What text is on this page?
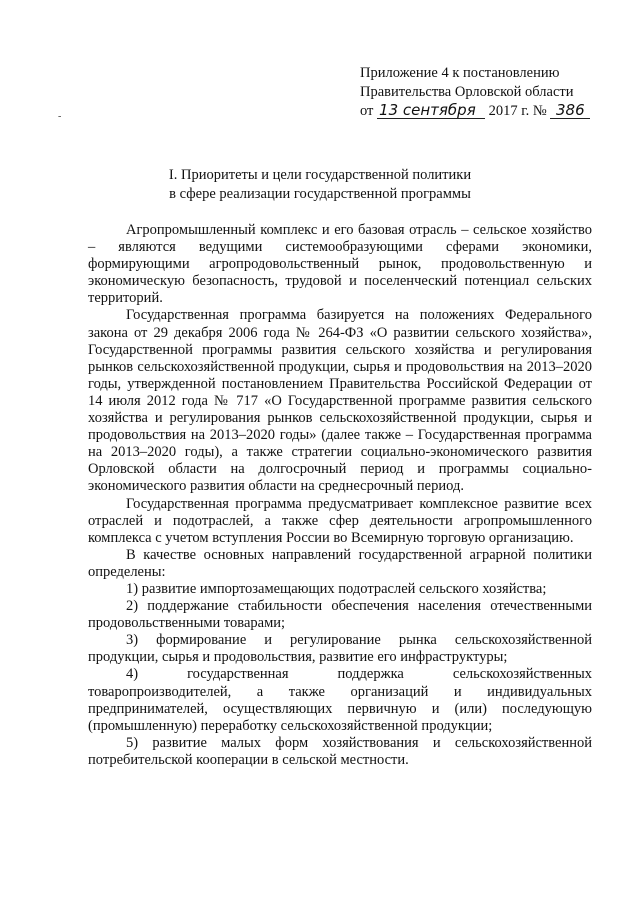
Приложение 4 к постановлению
Правительства Орловской области
от 13 сентября 2017 г. № 386
-
I. Приоритеты и цели государственной политики
в сфере реализации государственной программы

Агропромышленный комплекс и его базовая отрасль – сельское хозяйство – являются ведущими системообразующими сферами экономики, формирующими агропродовольственный рынок, продовольственную и экономическую безопасность, трудовой и поселенческий потенциал сельских территорий.

Государственная программа базируется на положениях Федерального закона от 29 декабря 2006 года № 264-ФЗ «О развитии сельского хозяйства», Государственной программы развития сельского хозяйства и регулирования рынков сельскохозяйственной продукции, сырья и продовольствия на 2013–2020 годы, утвержденной постановлением Правительства Российской Федерации от 14 июля 2012 года № 717 «О Государственной программе развития сельского хозяйства и регулирования рынков сельскохозяйственной продукции, сырья и продовольствия на 2013–2020 годы» (далее также – Государственная программа на 2013–2020 годы), а также стратегии социально-экономического развития Орловской области на долгосрочный период и программы социально-экономического развития области на среднесрочный период.

Государственная программа предусматривает комплексное развитие всех отраслей и подотраслей, а также сфер деятельности агропромышленного комплекса с учетом вступления России во Всемирную торговую организацию.

В качестве основных направлений государственной аграрной политики определены:

1) развитие импортозамещающих подотраслей сельского хозяйства;

2) поддержание стабильности обеспечения населения отечественными продовольственными товарами;

3) формирование и регулирование рынка сельскохозяйственной продукции, сырья и продовольствия, развитие его инфраструктуры;

4) государственная поддержка сельскохозяйственных товаропроизводителей, а также организаций и индивидуальных предпринимателей, осуществляющих первичную и (или) последующую (промышленную) переработку сельскохозяйственной продукции;

5) развитие малых форм хозяйствования и сельскохозяйственной потребительской кооперации в сельской местности.
